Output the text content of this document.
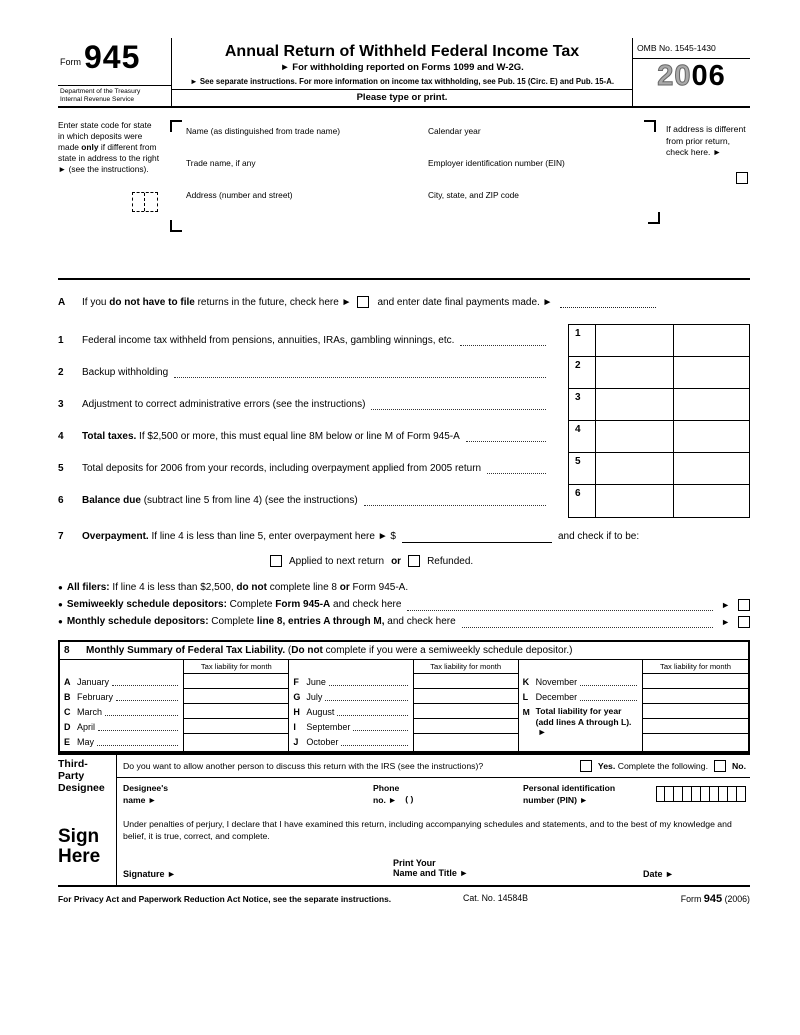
Form 945
Department of the Treasury
Internal Revenue Service
Annual Return of Withheld Federal Income Tax
► For withholding reported on Forms 1099 and W-2G.
► See separate instructions. For more information on income tax withholding, see Pub. 15 (Circ. E) and Pub. 15-A.
Please type or print.
OMB No. 1545-1430
2006
Enter state code for state in which deposits were made only if different from state in address to the right ► (see the instructions).
Name (as distinguished from trade name)	Calendar year
Trade name, if any	Employer identification number (EIN)
Address (number and street)	City, state, and ZIP code
If address is different from prior return, check here. ►
A	If you do not have to file returns in the future, check here ►	and enter date final payments made. ►
1	Federal income tax withheld from pensions, annuities, IRAs, gambling winnings, etc.
2	Backup withholding
3	Adjustment to correct administrative errors (see the instructions)
4	Total taxes. If $2,500 or more, this must equal line 8M below or line M of Form 945-A
5	Total deposits for 2006 from your records, including overpayment applied from 2005 return
6	Balance due (subtract line 5 from line 4) (see the instructions)
1
2
3
4
5
6
7	Overpayment. If line 4 is less than line 5, enter overpayment here ► $	and check if to be:
Applied to next return or	Refunded.
● All filers: If line 4 is less than $2,500, do not complete line 8 or Form 945-A.
● Semiweekly schedule depositors: Complete Form 945-A and check here	►
● Monthly schedule depositors: Complete line 8, entries A through M, and check here	►
8	Monthly Summary of Federal Tax Liability. (Do not complete if you were a semiweekly schedule depositor.)
A January
B February
C March
D April
E May
Tax liability for month
F June
G July
H August
I	September
J October
Tax liability for month
K November
L December
M Total liability for year (add lines A through L). ►
Tax liability for month
Third-
Party
Designee
Do you want to allow another person to discuss this return with the IRS (see the instructions)?	Yes. Complete the following.	No.
Designee's
name ►
Phone
no. ► ( )
Personal identification
number (PIN) ►
Sign
Here
Under penalties of perjury, I declare that I have examined this return, including accompanying schedules and statements, and to the best of my knowledge and belief, it is true, correct, and complete.
Signature ►
Print Your
Name and Title ►	Date ►
For Privacy Act and Paperwork Reduction Act Notice, see the separate instructions.	Cat. No. 14584B	Form 945 (2006)
